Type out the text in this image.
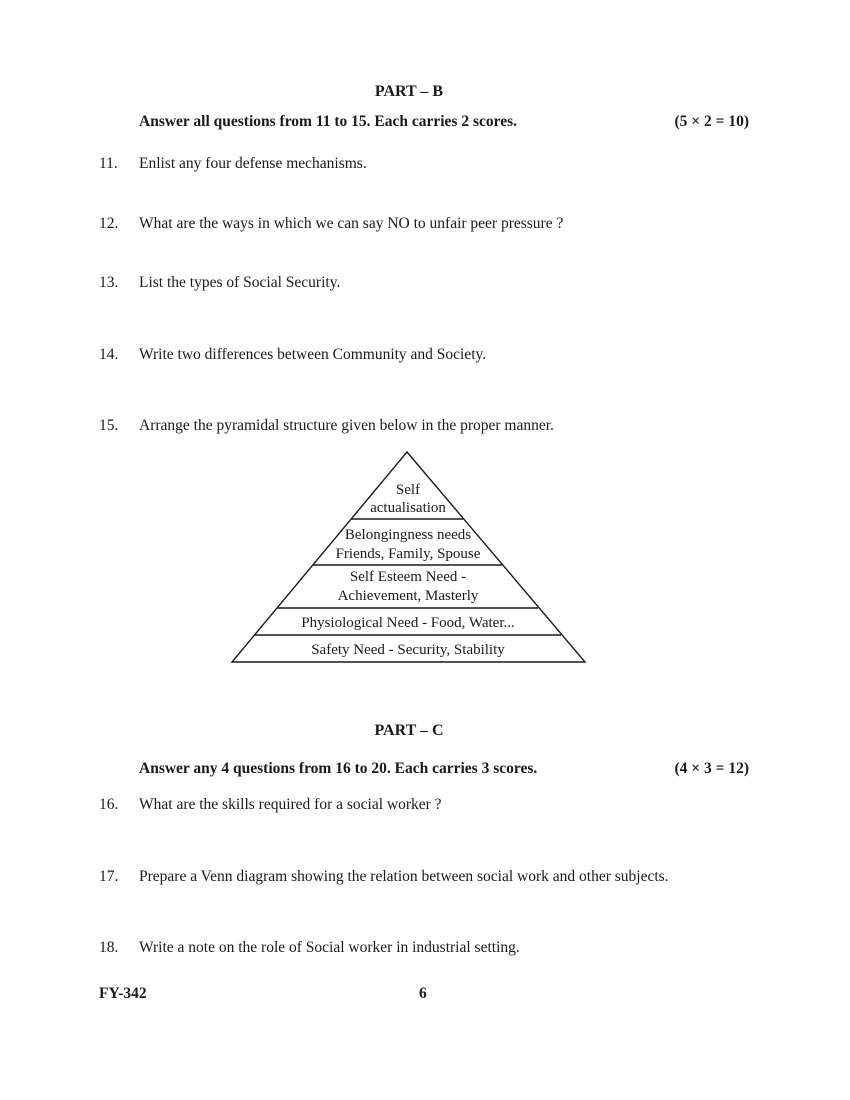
PART – B
Answer all questions from 11 to 15. Each carries 2 scores.	(5 × 2 = 10)
11.	Enlist any four defense mechanisms.
12.	What are the ways in which we can say NO to unfair peer pressure ?
13.	List the types of Social Security.
14.	Write two differences between Community and Society.
15.	Arrange the pyramidal structure given below in the proper manner.
Self
actualisation
Belongingness needs
Friends, Family, Spouse
Self Esteem Need -
Achievement, Masterly
Physiological Need - Food, Water...
Safety Need - Security, Stability
PART – C
Answer any 4 questions from 16 to 20. Each carries 3 scores.	(4 × 3 = 12)
16.	What are the skills required for a social worker ?
17.	Prepare a Venn diagram showing the relation between social work and other subjects.
18.	Write a note on the role of Social worker in industrial setting.
FY-342	6
